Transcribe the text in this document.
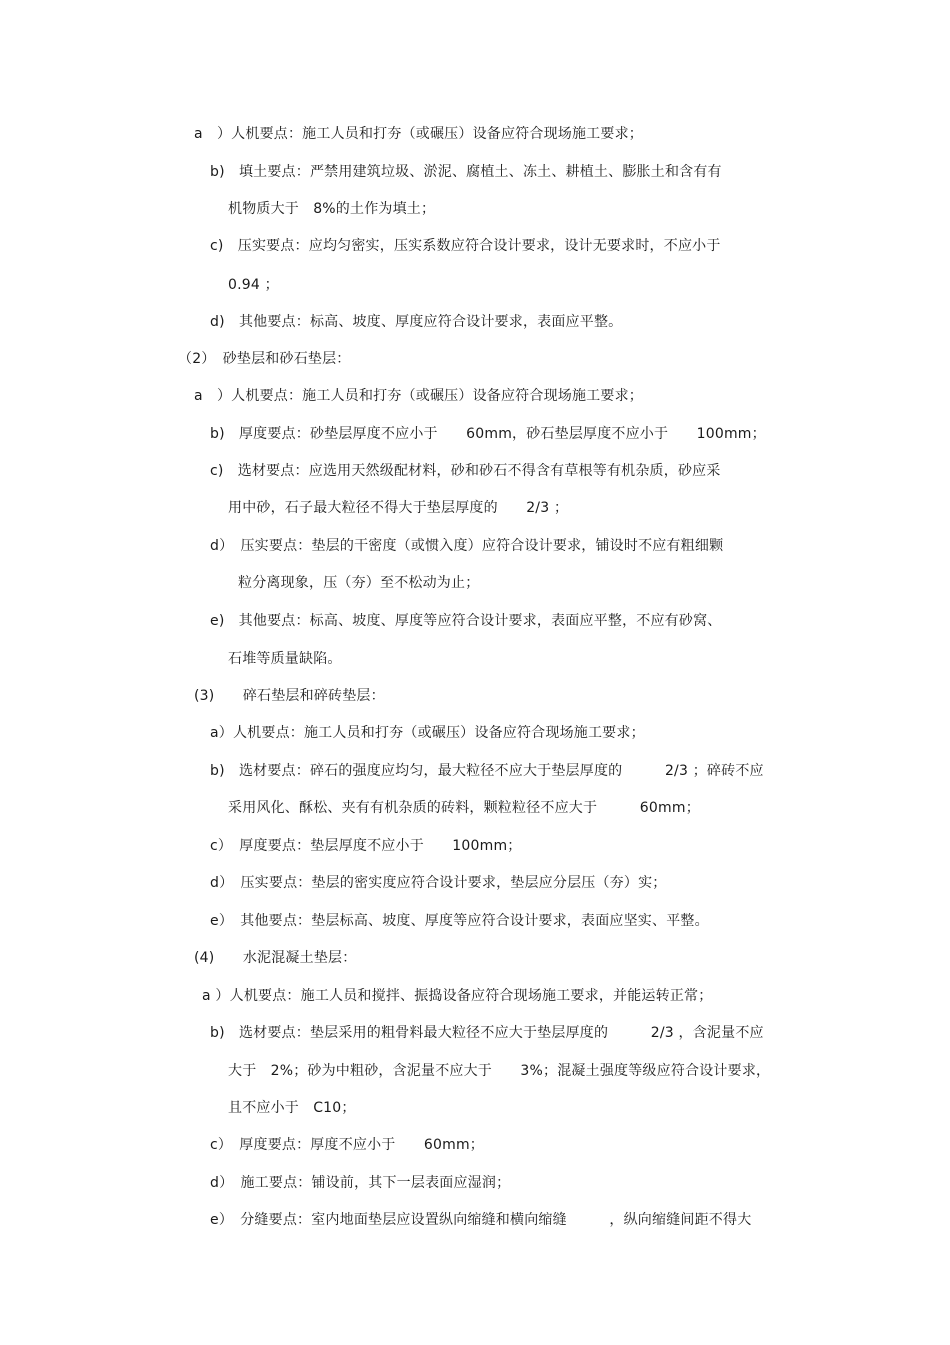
a　）人机要点：施工人员和打夯（或碾压）设备应符合现场施工要求；
b)　填土要点：严禁用建筑垃圾、淤泥、腐植土、冻土、耕植土、膨胀土和含有有
机物质大于　8%的土作为填土；
c)　压实要点：应均匀密实，压实系数应符合设计要求，设计无要求时，不应小于
0.94 ；
d)　其他要点：标高、坡度、厚度应符合设计要求，表面应平整。
（2）　砂垫层和砂石垫层：
a　）人机要点：施工人员和打夯（或碾压）设备应符合现场施工要求；
b)　厚度要点：砂垫层厚度不应小于　　60mm，砂石垫层厚度不应小于　　100mm；
c)　选材要点：应选用天然级配材料，砂和砂石不得含有草根等有机杂质，砂应采
用中砂，石子最大粒径不得大于垫层厚度的　　2/3 ；
d）　压实要点：垫层的干密度（或惯入度）应符合设计要求，铺设时不应有粗细颗
粒分离现象，压（夯）至不松动为止；
e)　其他要点：标高、坡度、厚度等应符合设计要求，表面应平整，不应有砂窝、
石堆等质量缺陷。
(3)　　碎石垫层和碎砖垫层：
a）人机要点：施工人员和打夯（或碾压）设备应符合现场施工要求；
b)　选材要点：碎石的强度应均匀，最大粒径不应大于垫层厚度的　　　2/3 ；碎砖不应
采用风化、酥松、夹有有机杂质的砖料，颗粒粒径不应大于　　　60mm；
c）　厚度要点：垫层厚度不应小于　　100mm；
d）　压实要点：垫层的密实度应符合设计要求，垫层应分层压（夯）实；
e）　其他要点：垫层标高、坡度、厚度等应符合设计要求，表面应坚实、平整。
(4)　　水泥混凝土垫层：
a ）人机要点：施工人员和搅拌、振捣设备应符合现场施工要求，并能运转正常；
b)　选材要点：垫层采用的粗骨料最大粒径不应大于垫层厚度的　　　2/3 ，含泥量不应
大于　2%；砂为中粗砂，含泥量不应大于　　3%；混凝土强度等级应符合设计要求，
且不应小于　C10；
c）　厚度要点：厚度不应小于　　60mm；
d）　施工要点：铺设前，其下一层表面应湿润；
e）　分缝要点：室内地面垫层应设置纵向缩缝和横向缩缝　　　，纵向缩缝间距不得大
